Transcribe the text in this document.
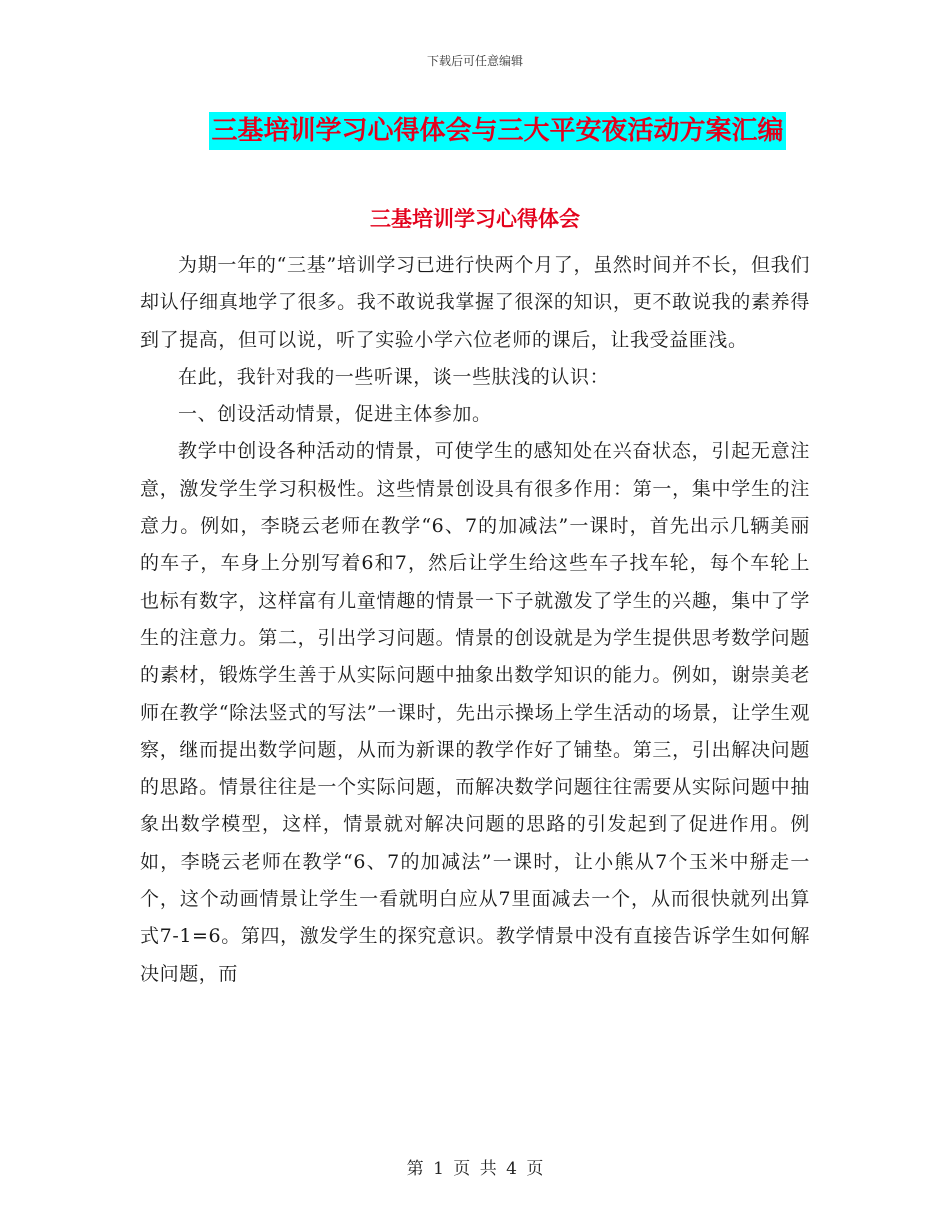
下载后可任意编辑
三基培训学习心得体会与三大平安夜活动方案汇编
三基培训学习心得体会

为期一年的“三基”培训学习已进行快两个月了，虽然时间并不长，但我们却认仔细真地学了很多。我不敢说我掌握了很深的知识，更不敢说我的素养得到了提高，但可以说，听了实验小学六位老师的课后，让我受益匪浅。

在此，我针对我的一些听课，谈一些肤浅的认识：

一、创设活动情景，促进主体参加。

教学中创设各种活动的情景，可使学生的感知处在兴奋状态，引起无意注意，激发学生学习积极性。这些情景创设具有很多作用：第一，集中学生的注意力。例如，李晓云老师在教学“6、7的加减法”一课时，首先出示几辆美丽的车子，车身上分别写着6和7，然后让学生给这些车子找车轮，每个车轮上也标有数字，这样富有儿童情趣的情景一下子就激发了学生的兴趣，集中了学生的注意力。第二，引出学习问题。情景的创设就是为学生提供思考数学问题的素材，锻炼学生善于从实际问题中抽象出数学知识的能力。例如，谢崇美老师在教学“除法竖式的写法”一课时，先出示操场上学生活动的场景，让学生观察，继而提出数学问题，从而为新课的教学作好了铺垫。第三，引出解决问题的思路。情景往往是一个实际问题，而解决数学问题往往需要从实际问题中抽象出数学模型，这样，情景就对解决问题的思路的引发起到了促进作用。例如，李晓云老师在教学“6、7的加减法”一课时，让小熊从7个玉米中掰走一个，这个动画情景让学生一看就明白应从7里面减去一个，从而很快就列出算式7-1=6。第四，激发学生的探究意识。教学情景中没有直接告诉学生如何解决问题，而

第 1 页 共 4 页
